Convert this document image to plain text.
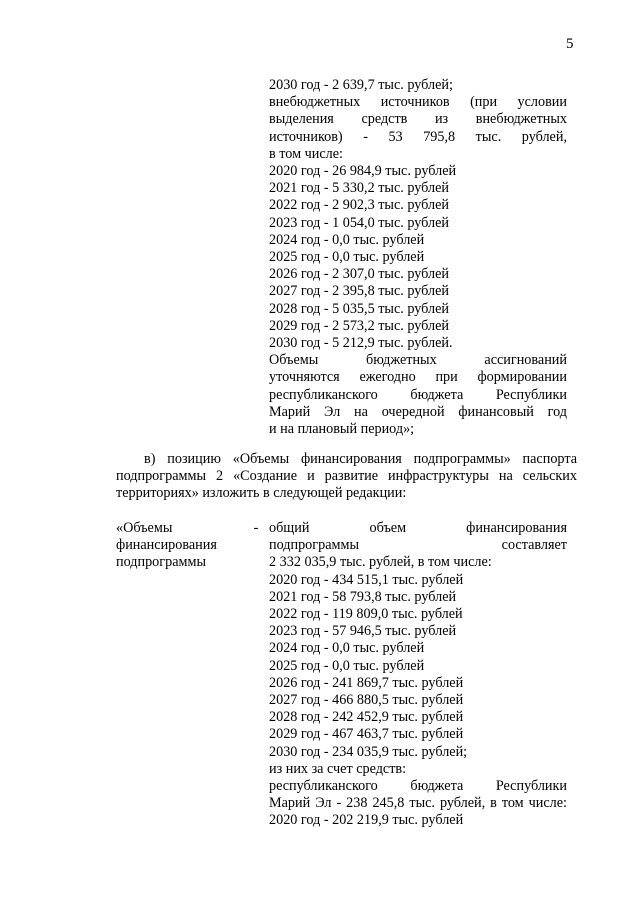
5
2030 год - 2 639,7 тыс. рублей;
внебюджетных источников (при условии
выделения средств из внебюджетных
источников) - 53 795,8 тыс. рублей,
в том числе:
2020 год - 26 984,9 тыс. рублей
2021 год - 5 330,2 тыс. рублей
2022 год - 2 902,3 тыс. рублей
2023 год - 1 054,0 тыс. рублей
2024 год - 0,0 тыс. рублей
2025 год - 0,0 тыс. рублей
2026 год - 2 307,0 тыс. рублей
2027 год - 2 395,8 тыс. рублей
2028 год - 5 035,5 тыс. рублей
2029 год - 2 573,2 тыс. рублей
2030 год - 5 212,9 тыс. рублей.
Объемы бюджетных ассигнований
уточняются ежегодно при формировании
республиканского бюджета Республики
Марий Эл на очередной финансовый год
и на плановый период»;
в) позицию «Объемы финансирования подпрограммы» паспорта
подпрограммы 2 «Создание и развитие инфраструктуры на сельских
территориях» изложить в следующей редакции:
«Объемы
финансирования
подпрограммы
- общий объем финансирования
подпрограммы составляет
2 332 035,9 тыс. рублей, в том числе:
2020 год - 434 515,1 тыс. рублей
2021 год - 58 793,8 тыс. рублей
2022 год - 119 809,0 тыс. рублей
2023 год - 57 946,5 тыс. рублей
2024 год - 0,0 тыс. рублей
2025 год - 0,0 тыс. рублей
2026 год - 241 869,7 тыс. рублей
2027 год - 466 880,5 тыс. рублей
2028 год - 242 452,9 тыс. рублей
2029 год - 467 463,7 тыс. рублей
2030 год - 234 035,9 тыс. рублей;
из них за счет средств:
республиканского бюджета Республики
Марий Эл - 238 245,8 тыс. рублей, в том числе:
2020 год - 202 219,9 тыс. рублей
